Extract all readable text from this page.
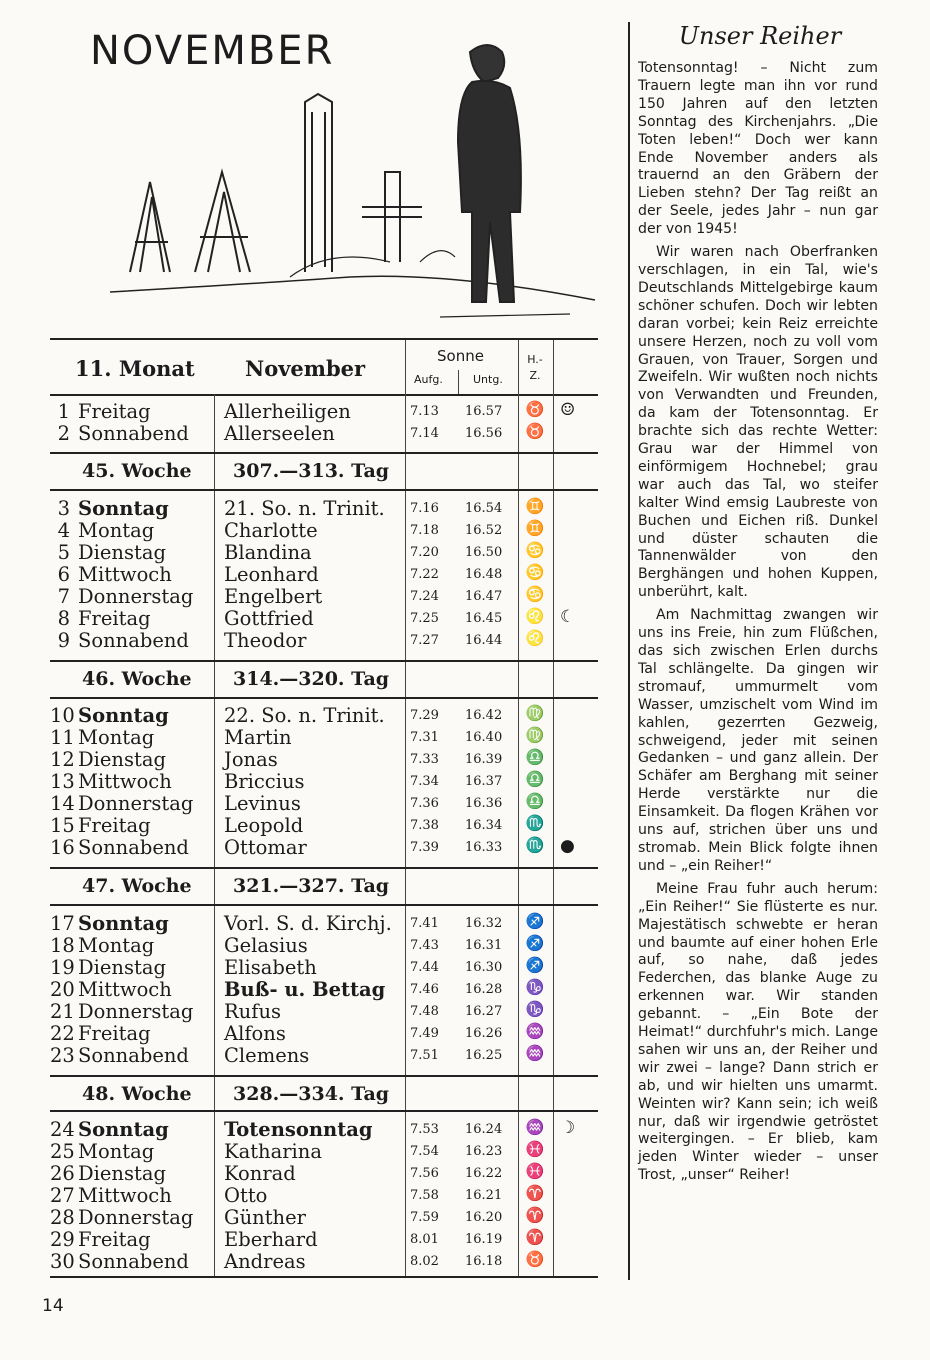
NOVEMBER
11. Monat November	Sonne
Aufg.	Untg.
H.-Z.
1 Freitag	Allerheiligen	7.13 16.57 ♉ ☺
2 Sonnabend Allerseelen	7.14 16.56 ♉
45. Woche 307.—313. Tag
3 Sonntag	21. So. n. Trinit. 7.16 16.54 ♊
4 Montag	Charlotte	7.18 16.52 ♊
5 Dienstag	Blandina	7.20 16.50 ♋
6 Mittwoch	Leonhard	7.22 16.48 ♋
7 Donnerstag Engelbert	7.24 16.47 ♋
8 Freitag	Gottfried	7.25 16.45 ♌ ☾
9 Sonnabend Theodor	7.27 16.44 ♌
46. Woche 314.—320. Tag
10 Sonntag	22. So. n. Trinit. 7.29 16.42 ♍
11 Montag	Martin	7.31 16.40 ♍
12 Dienstag	Jonas	7.33 16.39 ♎
13 Mittwoch	Briccius	7.34 16.37 ♎
14 Donnerstag Levinus	7.36 16.36 ♎
15 Freitag	Leopold	7.38 16.34 ♏
16 Sonnabend Ottomar	7.39 16.33 ♏ ●
47. Woche 321.—327. Tag
17 Sonntag	Vorl. S. d. Kirchj. 7.41 16.32 ♐
18 Montag	Gelasius	7.43 16.31 ♐
19 Dienstag	Elisabeth	7.44 16.30 ♐
20 Mittwoch	Buß- u. Bettag 7.46 16.28 ♑
21 Donnerstag Rufus	7.48 16.27 ♑
22 Freitag	Alfons	7.49 16.26 ♒
23 Sonnabend Clemens	7.51 16.25 ♒
48. Woche 328.—334. Tag
24 Sonntag	Totensonntag	7.53 16.24 ♒ ☽
25 Montag	Katharina	7.54 16.23 ♓
26 Dienstag	Konrad	7.56 16.22 ♓
27 Mittwoch	Otto	7.58 16.21 ♈
28 Donnerstag Günther	7.59 16.20 ♈
29 Freitag	Eberhard	8.01 16.19 ♈
30 Sonnabend Andreas	8.02 16.18 ♉
Unser Reiher

Totensonntag! – Nicht zum Trauern legte man ihn vor rund 150 Jahren auf den letzten Sonntag des Kirchenjahrs. „Die Toten leben!“ Doch wer kann Ende November anders als trauernd an den Gräbern der Lieben stehn? Der Tag reißt an der Seele, jedes Jahr – nun gar der von 1945!

Wir waren nach Oberfranken verschlagen, in ein Tal, wie's Deutschlands Mittelgebirge kaum schöner schufen. Doch wir lebten daran vorbei; kein Reiz erreichte unsere Herzen, noch zu voll vom Grauen, von Trauer, Sorgen und Zweifeln. Wir wußten noch nichts von Verwandten und Freunden, da kam der Totensonntag. Er brachte sich das rechte Wetter: Grau war der Himmel von einförmigem Hochnebel; grau war auch das Tal, wo steifer kalter Wind emsig Laubreste von Buchen und Eichen riß. Dunkel und düster schauten die Tannenwälder von den Berghängen und hohen Kuppen, unberührt, kalt.

Am Nachmittag zwangen wir uns ins Freie, hin zum Flüßchen, das sich zwischen Erlen durchs Tal schlängelte. Da gingen wir stromauf, ummurmelt vom Wasser, umzischelt vom Wind im kahlen, gezerrten Gezweig, schweigend, jeder mit seinen Gedanken – und ganz allein. Der Schäfer am Berghang mit seiner Herde verstärkte nur die Einsamkeit. Da flogen Krähen vor uns auf, strichen über uns und stromab. Mein Blick folgte ihnen und – „ein Reiher!“

Meine Frau fuhr auch herum: „Ein Reiher!“ Sie flüsterte es nur. Majestätisch schwebte er heran und baumte auf einer hohen Erle auf, so nahe, daß jedes Federchen, das blanke Auge zu erkennen war. Wir standen gebannt. – „Ein Bote der Heimat!“ durchfuhr's mich. Lange sahen wir uns an, der Reiher und wir zwei – lange? Dann strich er ab, und wir hielten uns umarmt. Weinten wir? Kann sein; ich weiß nur, daß wir irgendwie getröstet weitergingen. – Er blieb, kam jeden Winter wieder – unser Trost, „unser“ Reiher!

14
